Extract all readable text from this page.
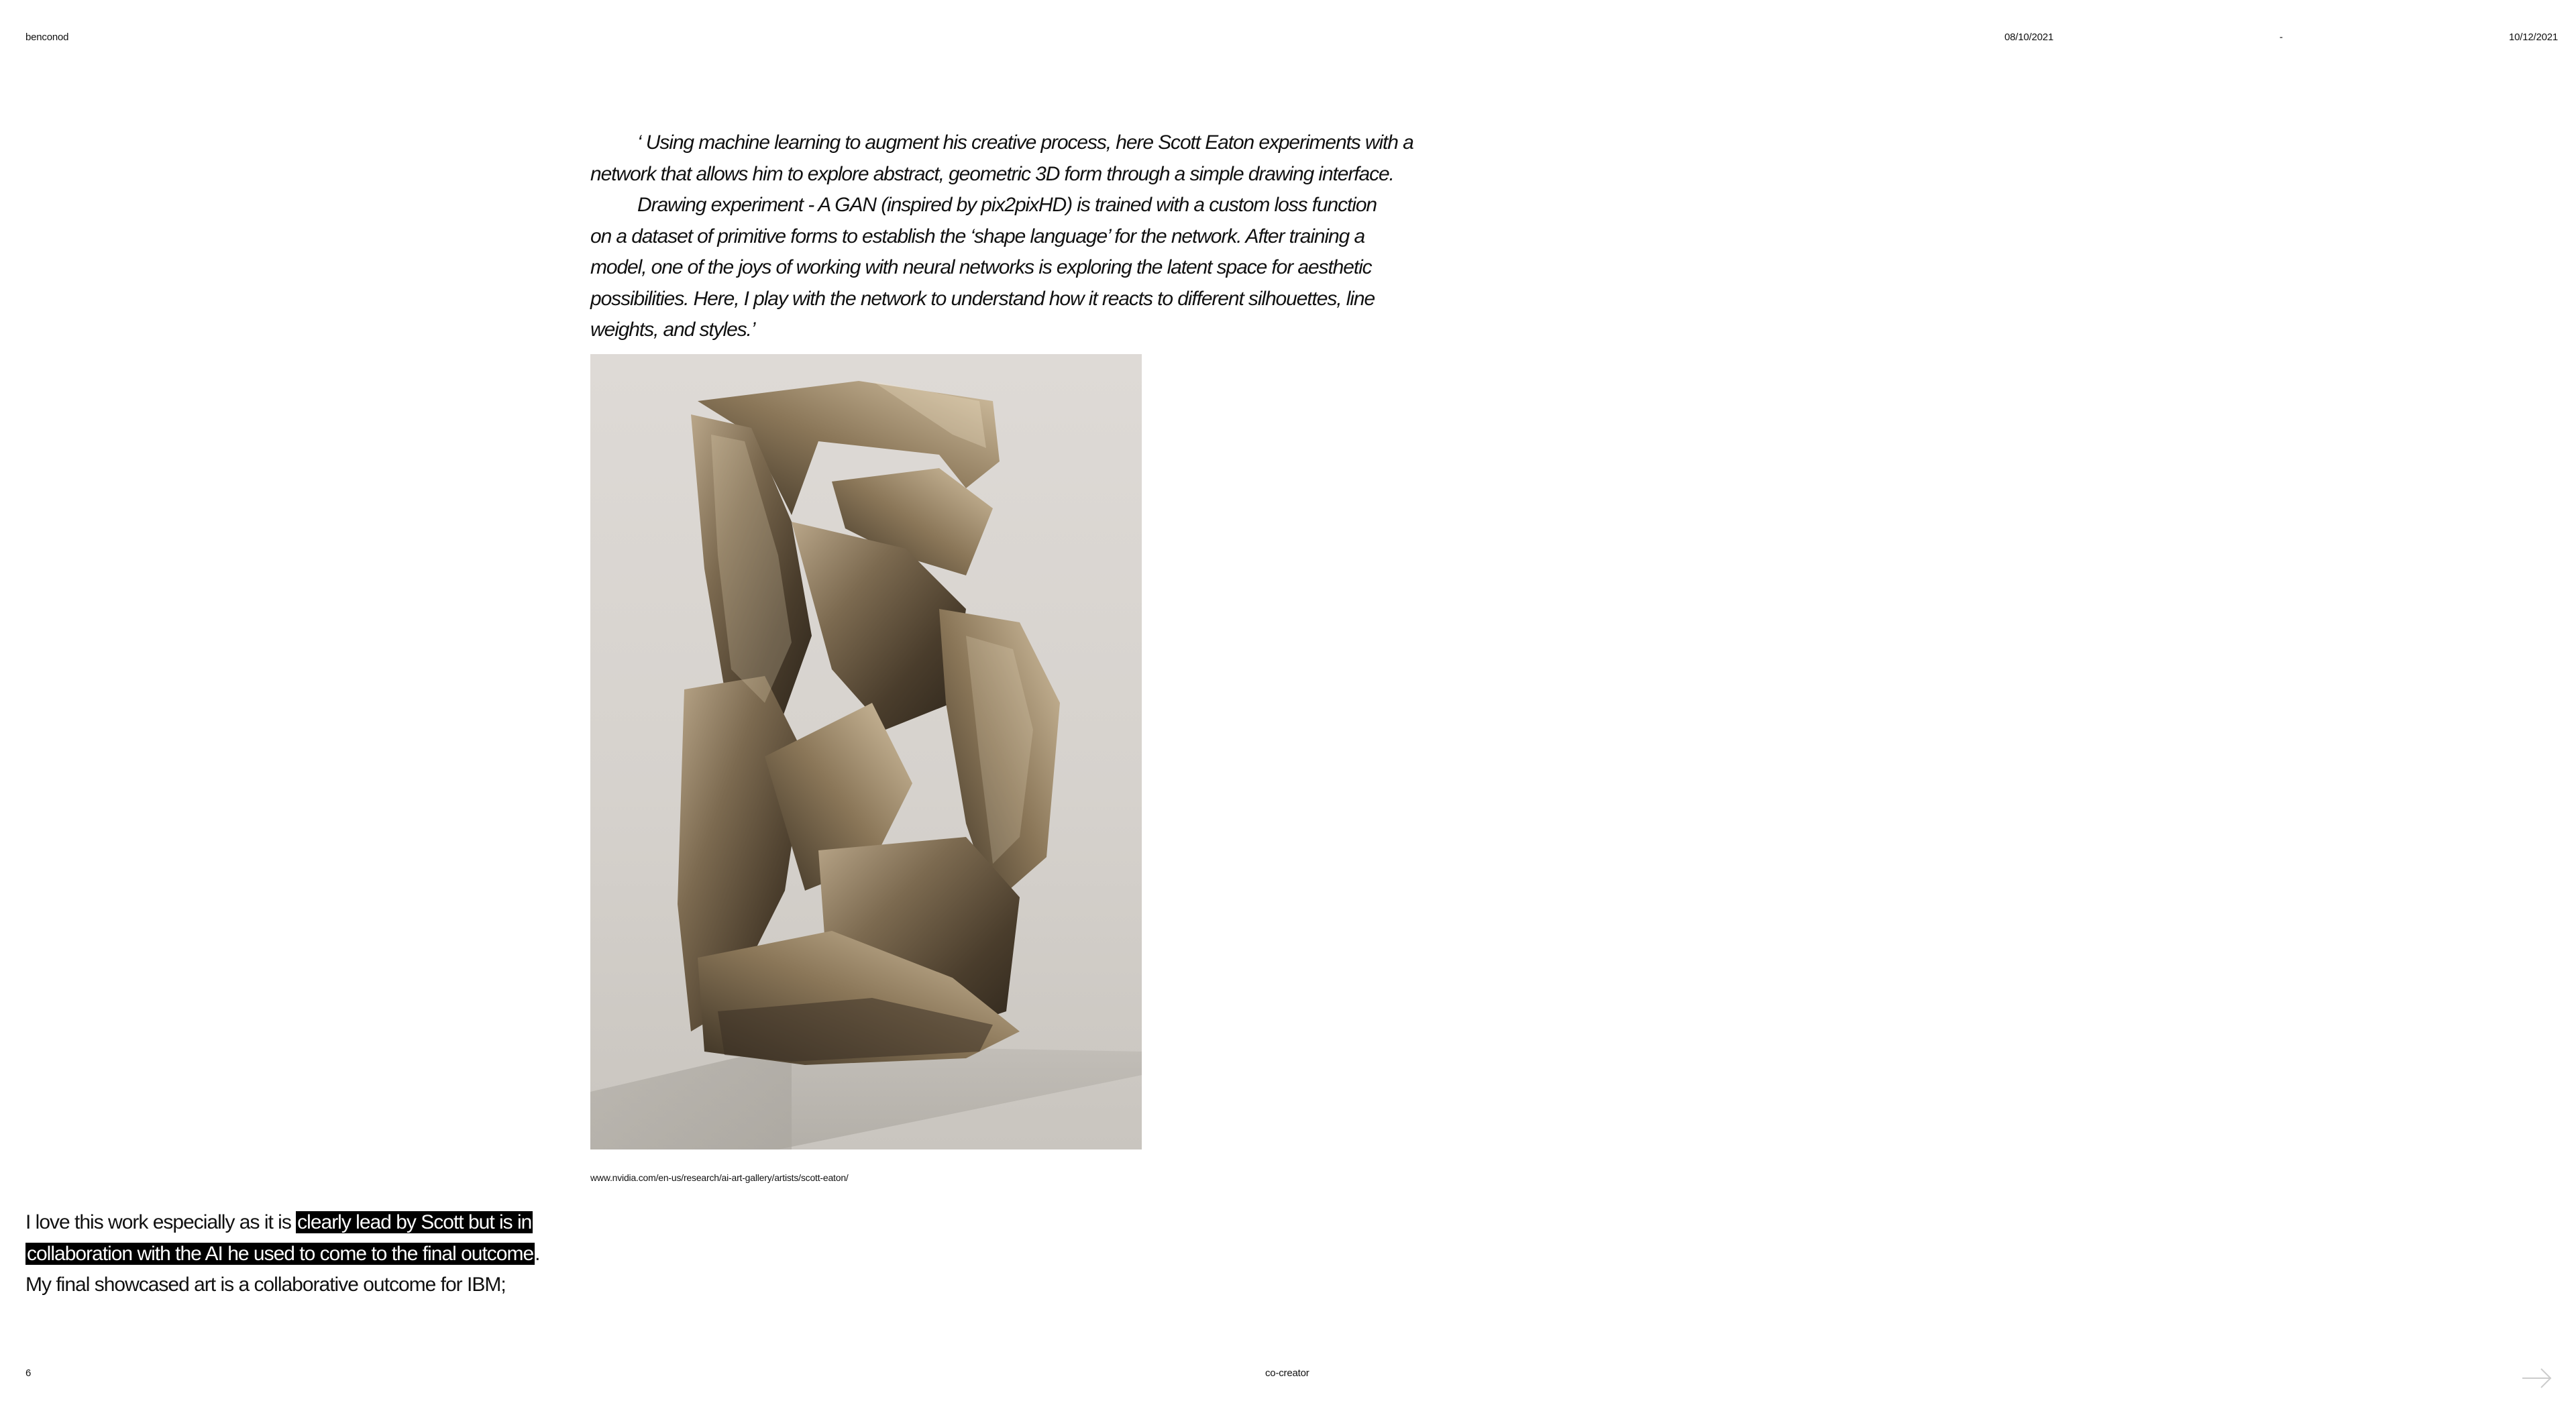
benconod	08/10/2021	-	10/12/2021

‘ Using machine learning to augment his creative process, here Scott Eaton experiments with a

network that allows him to explore abstract, geometric 3D form through a simple drawing interface.

Drawing experiment - A GAN (inspired by pix2pixHD) is trained with a custom loss function

on a dataset of primitive forms to establish the ‘shape language’ for the network. After training a

model, one of the joys of working with neural networks is exploring the latent space for aesthetic

possibilities. Here, I play with the network to understand how it reacts to different silhouettes, line

weights, and styles.’

www.nvidia.com/en-us/research/ai-art-gallery/artists/scott-eaton/

I love this work especially as it is clearly lead by Scott but is in

collaboration with the AI he used to come to the final outcome.

My final showcased art is a collaborative outcome for IBM;

6	co-creator
